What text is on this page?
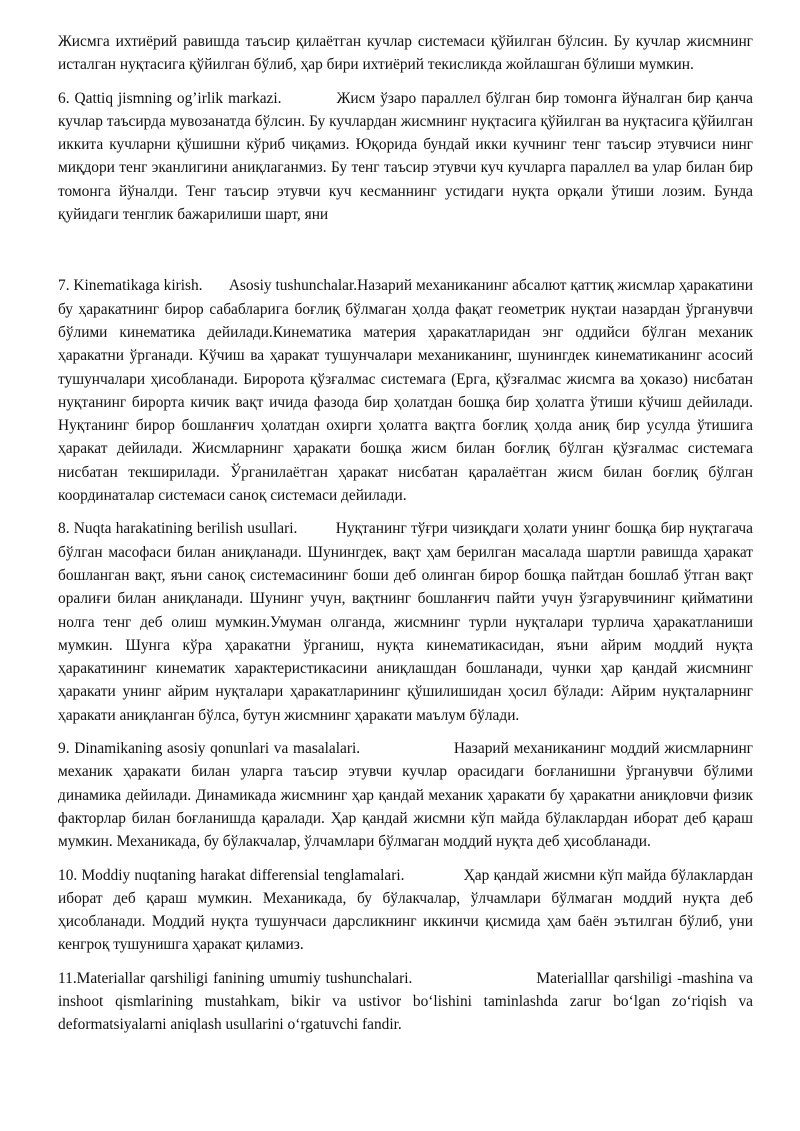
Жисмга ихтиёрий равишда таъсир қилаётган кучлар системаси қўйилган бўлсин. Бу кучлар жисмнинг исталган нуқтасига қўйилган бўлиб, ҳар бири ихтиёрий текисликда жойлашган бўлиши мумкин.

6. Qattiq jismning og’irlik markazi.	Жисм ўзаро параллел бўлган бир томонга йўналган бир қанча кучлар таъсирда мувозанатда бўлсин. Бу кучлардан жисмнинг нуқтасига қўйилган ва нуқтасига қўйилган иккита кучларни қўшишни кўриб чиқамиз. Юқорида бундай икки кучнинг тенг таъсир этувчиси нинг миқдори тенг эканлигини аниқлаганмиз. Бу тенг таъсир этувчи куч кучларга параллел ва улар билан бир томонга йўналди. Тенг таъсир этувчи куч кесманнинг устидаги нуқта орқали ўтиши лозим. Бунда қуйидаги тенглик бажарилиши шарт, яни

7. Kinematikaga kirish. Asosiy tushunchalar.Назарий механиканинг абсалют қаттиқ жисмлар ҳаракатини бу ҳаракатнинг бирор сабабларига боғлиқ бўлмаган ҳолда фақат геометрик нуқтаи назардан ўрганувчи бўлими кинематика дейилади.Кинематика материя ҳаракатларидан энг оддийси бўлган механик ҳаракатни ўрганади. Кўчиш ва ҳаракат тушунчалари механиканинг, шунингдек кинематиканинг асосий тушунчалари ҳисобланади. Биророта қўзғалмас системага (Ерга, қўзғалмас жисмга ва ҳоказо) нисбатан нуқтанинг бирорта кичик вақт ичида фазода бир ҳолатдан бошқа бир ҳолатга ўтиши кўчиш дейилади. Нуқтанинг бирор бошланғич ҳолатдан охирги ҳолатга вақтга боғлиқ ҳолда аниқ бир усулда ўтишига ҳаракат дейилади. Жисмларнинг ҳаракати бошқа жисм билан боғлиқ бўлган қўзғалмас системага нисбатан текширилади. Ўрганилаётган ҳаракат нисбатан қаралаётган жисм билан боғлиқ бўлган координаталар системаси саноқ системаси дейилади.

8. Nuqta harakatining berilish usullari. Нуқтанинг тўғри чизиқдаги ҳолати унинг бошқа бир нуқтагача бўлган масофаси билан аниқланади. Шунингдек, вақт ҳам берилган масалада шартли равишда ҳаракат бошланган вақт, яъни саноқ системасининг боши деб олинган бирор бошқа пайтдан бошлаб ўтган вақт оралиғи билан аниқланади. Шунинг учун, вақтнинг бошланғич пайти учун ўзгарувчининг қийматини нолга тенг деб олиш мумкин.Умуман олганда, жисмнинг турли нуқталари турлича ҳаракатланиши мумкин. Шунга кўра ҳаракатни ўрганиш, нуқта кинематикасидан, яъни айрим моддий нуқта ҳаракатининг кинематик характеристикасини аниқлашдан бошланади, чунки ҳар қандай жисмнинг ҳаракати унинг айрим нуқталари ҳаракатларининг қўшилишидан ҳосил бўлади: Айрим нуқталарнинг ҳаракати аниқланган бўлса, бутун жисмнинг ҳаракати маълум бўлади.

9. Dinamikaning asosiy qonunlari va masalalari.	Назарий механиканинг моддий жисмларнинг механик ҳаракати билан уларга таъсир этувчи кучлар орасидаги боғланишни ўрганувчи бўлими динамика дейилади. Динамикада жисмнинг ҳар қандай механик ҳаракати бу ҳаракатни аниқловчи физик факторлар билан боғланишда қаралади. Ҳар қандай жисмни кўп майда бўлаклардан иборат деб қараш мумкин. Механикада, бу бўлакчалар, ўлчамлари бўлмаган моддий нуқта деб ҳисобланади.

10. Moddiy nuqtaning harakat differensial tenglamalari.	Ҳар қандай жисмни кўп майда бўлаклардан иборат деб қараш мумкин. Механикада, бу бўлакчалар, ўлчамлари бўлмаган моддий нуқта деб ҳисобланади. Моддий нуқта тушунчаси дарсликнинг иккинчи қисмида ҳам баён эътилган бўлиб, уни кенгроқ тушунишга ҳаракат қиламиз.

11.Materiallar qarshiligi fanining umumiy tushunchalari.	Materialllar qarshiligi -mashina va inshoot qismlarining mustahkam, bikir va ustivor bo‘lishini taminlashda zarur bo‘lgan zo‘riqish va deformatsiyalarni aniqlash usullarini o‘rgatuvchi fandir.
